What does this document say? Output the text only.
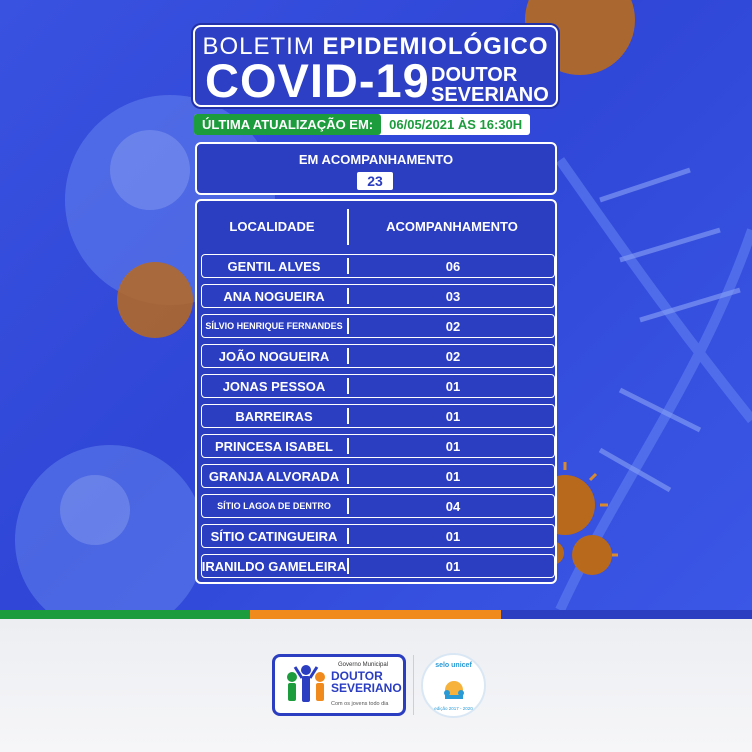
BOLETIM EPIDEMIOLÓGICO
COVID-19 DOUTOR
SEVERIANO
ÚLTIMA ATUALIZAÇÃO EM:	06/05/2021 ÀS 16:30H
EM ACOMPANHAMENTO
23
LOCALIDADE	ACOMPANHAMENTO
GENTIL ALVES	06
ANA NOGUEIRA	03
SÍLVIO HENRIQUE FERNANDES	02
JOÃO NOGUEIRA	02
JONAS PESSOA	01
BARREIRAS	01
PRINCESA ISABEL	01
GRANJA ALVORADA	01
SÍTIO LAGOA DE DENTRO	04
SÍTIO CATINGUEIRA	01
IRANILDO GAMELEIRA	01
Governo Municipal
DOUTOR
SEVERIANO
Com os jovens todo dia
selo unicef
edição 2017 - 2020
